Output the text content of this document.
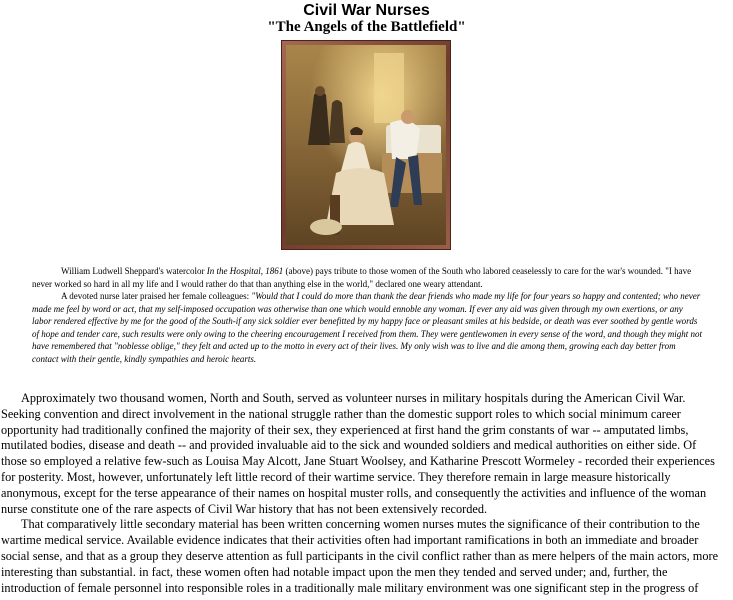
Civil War Nurses
"The Angels of the Battlefield"

William Ludwell Sheppard's watercolor In the Hospital, 1861 (above) pays tribute to those women of the South who labored ceaselessly to care for the war's wounded. "I have never worked so hard in all my life and I would rather do that than anything else in the world," declared one weary attendant.

A devoted nurse later praised her female colleagues: "Would that I could do more than thank the dear friends who made my life for four years so happy and contented; who never made me feel by word or act, that my self-imposed occupation was otherwise than one which would ennoble any woman. If ever any aid was given through my own exertions, or any labor rendered effective by me for the good of the South-if any sick soldier ever benefitted by my happy face or pleasant smiles at his bedside, or death was ever soothed by gentle words of hope and tender care, such results were only owing to the cheering encouragement I received from them. They were gentlewomen in every sense of the word, and though they might not have remembered that "noblesse oblige," they felt and acted up to the motto in every act of their lives. My only wish was to live and die among them, growing each day better from contact with their gentle, kindly sympathies and heroic hearts.

Approximately two thousand women, North and South, served as volunteer nurses in military hospitals during the American Civil War. Seeking convention and direct involvement in the national struggle rather than the domestic support roles to which social minimum career opportunity had traditionally confined the majority of their sex, they experienced at first hand the grim constants of war -- amputated limbs, mutilated bodies, disease and death -- and provided invaluable aid to the sick and wounded soldiers and medical authorities on either side. Of those so employed a relative few-such as Louisa May Alcott, Jane Stuart Woolsey, and Katharine Prescott Wormeley - recorded their experiences for posterity. Most, however, unfortunately left little record of their wartime service. They therefore remain in large measure historically anonymous, except for the terse appearance of their names on hospital muster rolls, and consequently the activities and influence of the woman nurse constitute one of the rare aspects of Civil War history that has not been extensively recorded.

That comparatively little secondary material has been written concerning women nurses mutes the significance of their contribution to the wartime medical service. Available evidence indicates that their activities often had important ramifications in both an immediate and broader social sense, and that as a group they deserve attention as full participants in the civil conflict rather than as mere helpers of the main actors, more interesting than substantial. in fact, these women often had notable impact upon the men they tended and served under; and, further, the introduction of female personnel into responsible roles in a traditionally male military environment was one significant step in the progress of
